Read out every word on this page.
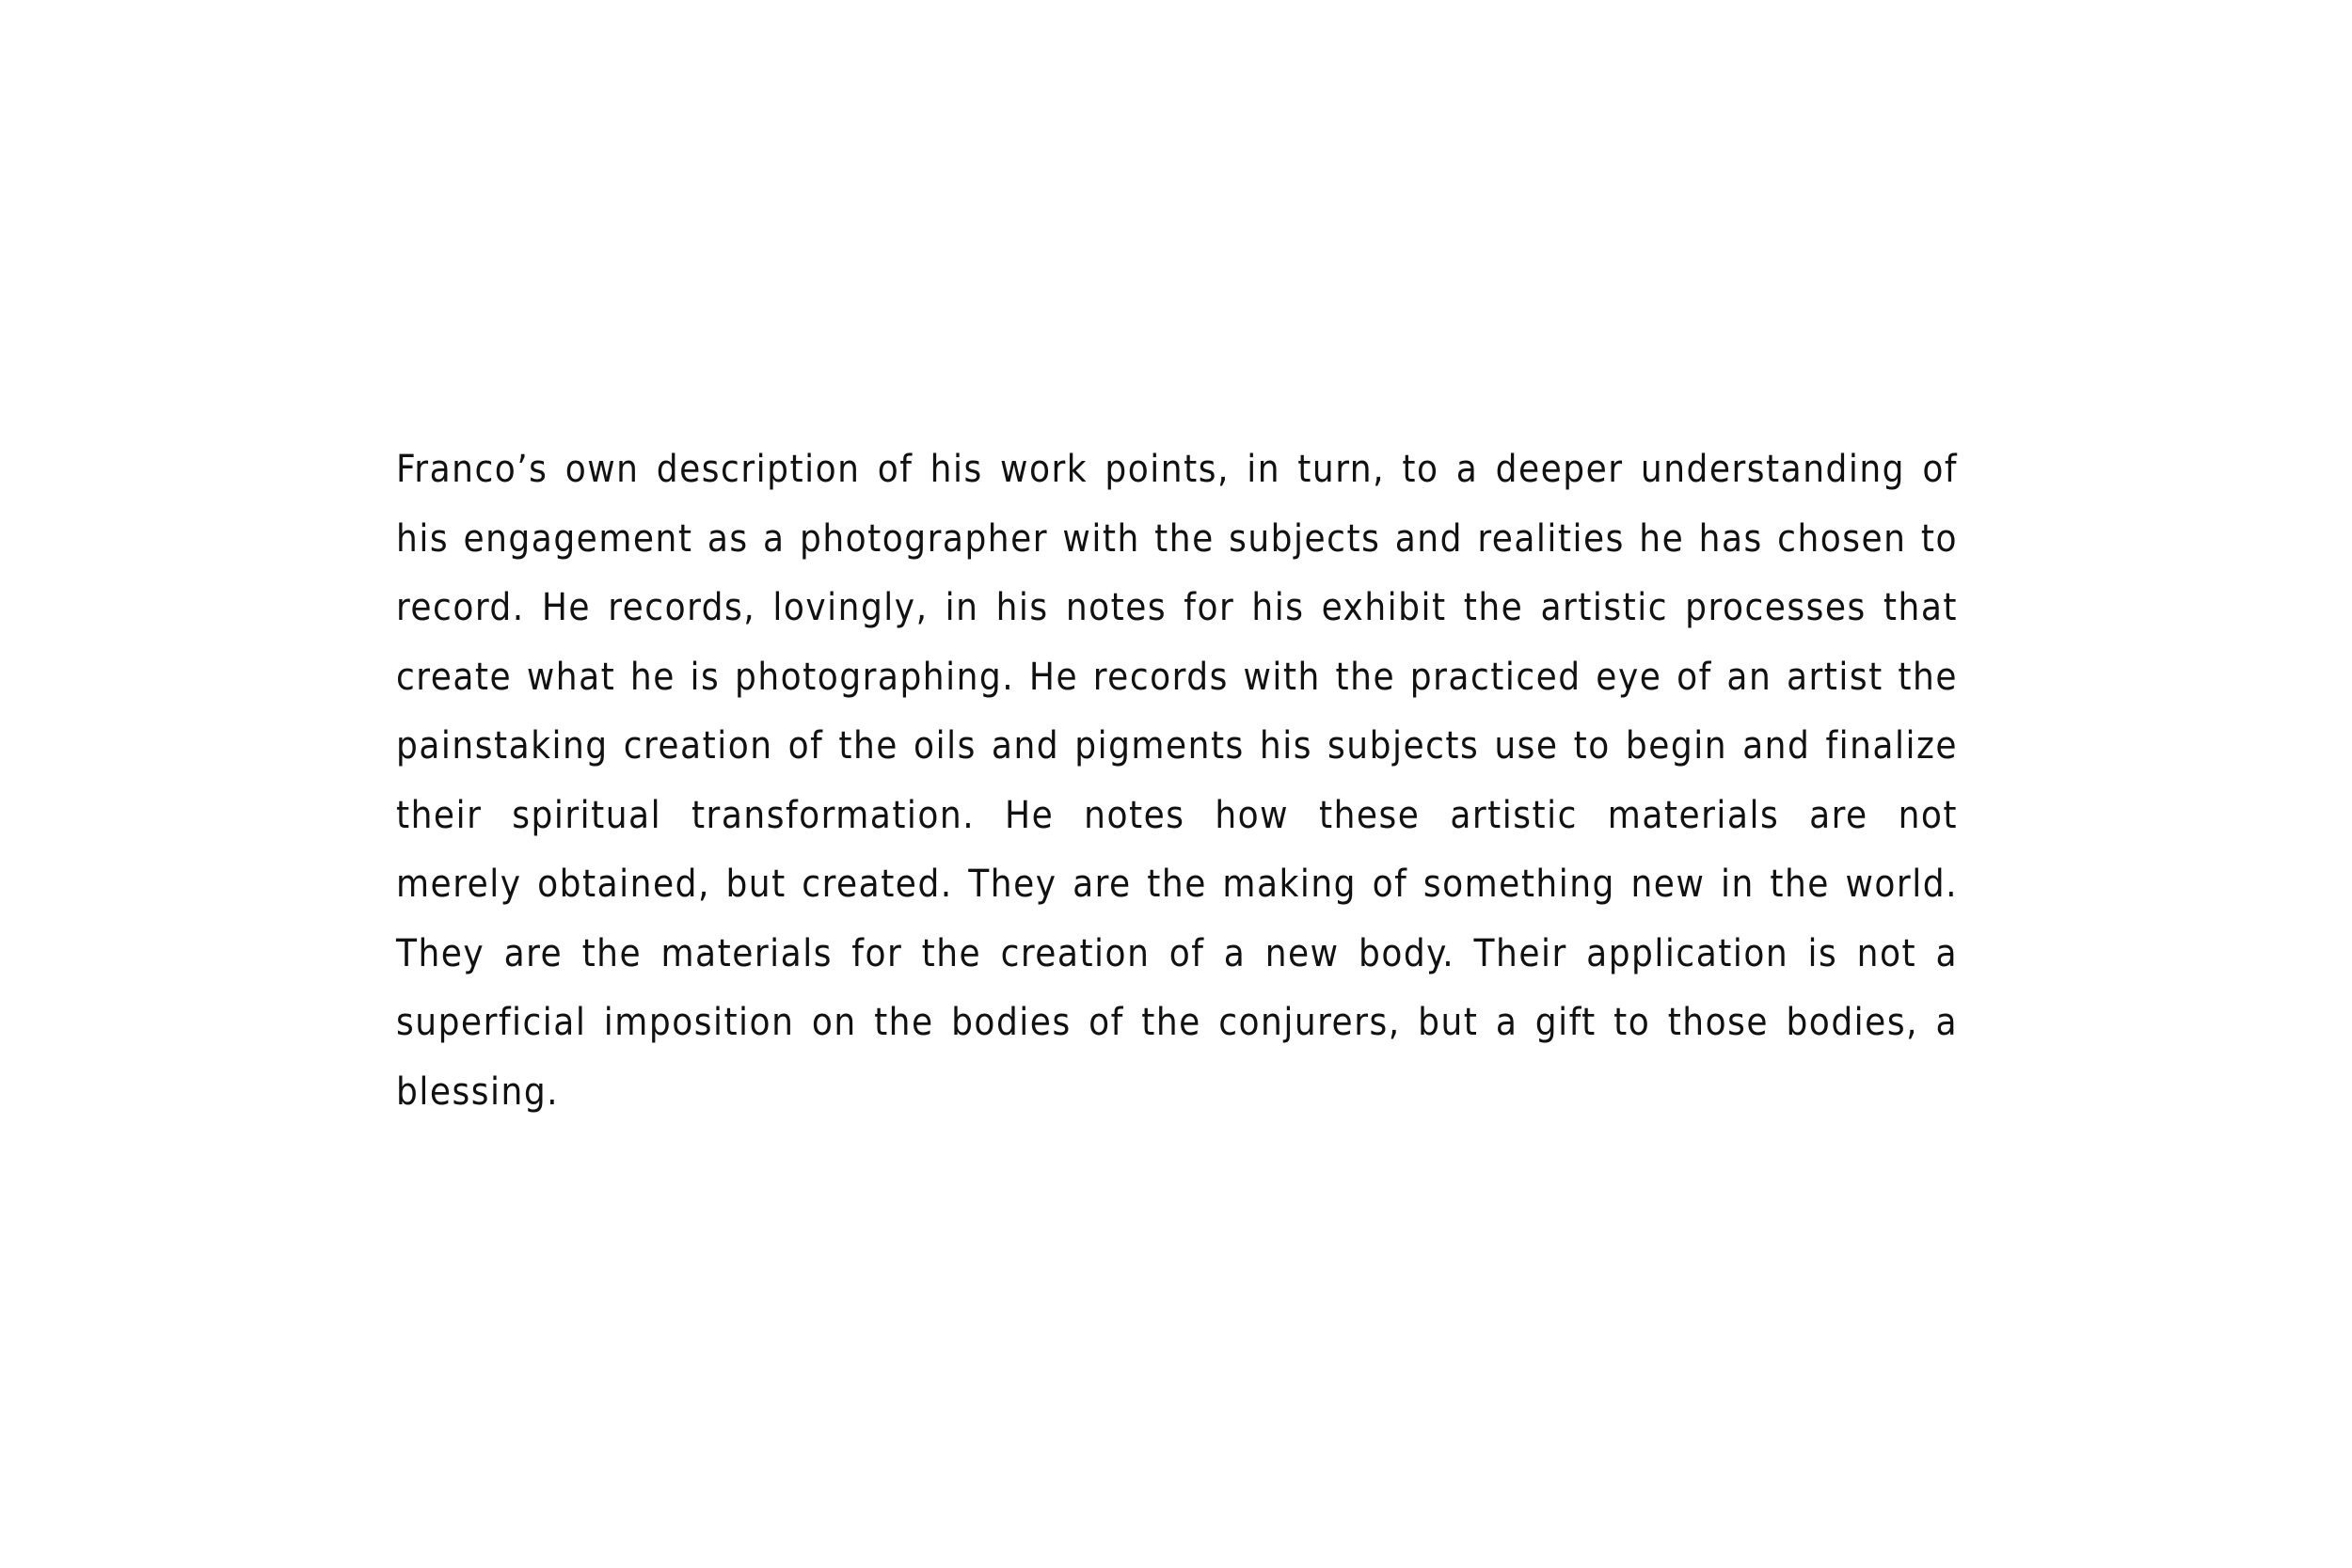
Franco’s own description of his work points, in turn, to a deeper understanding of
his engagement as a photographer with the subjects and realities he has chosen to
record. He records, lovingly, in his notes for his exhibit the artistic processes that
create what he is photographing. He records with the practiced eye of an artist the
painstaking creation of the oils and pigments his subjects use to begin and finalize
their spiritual transformation. He notes how these artistic materials are not
merely obtained, but created. They are the making of something new in the world.
They are the materials for the creation of a new body. Their application is not a
superficial imposition on the bodies of the conjurers, but a gift to those bodies, a
blessing.
